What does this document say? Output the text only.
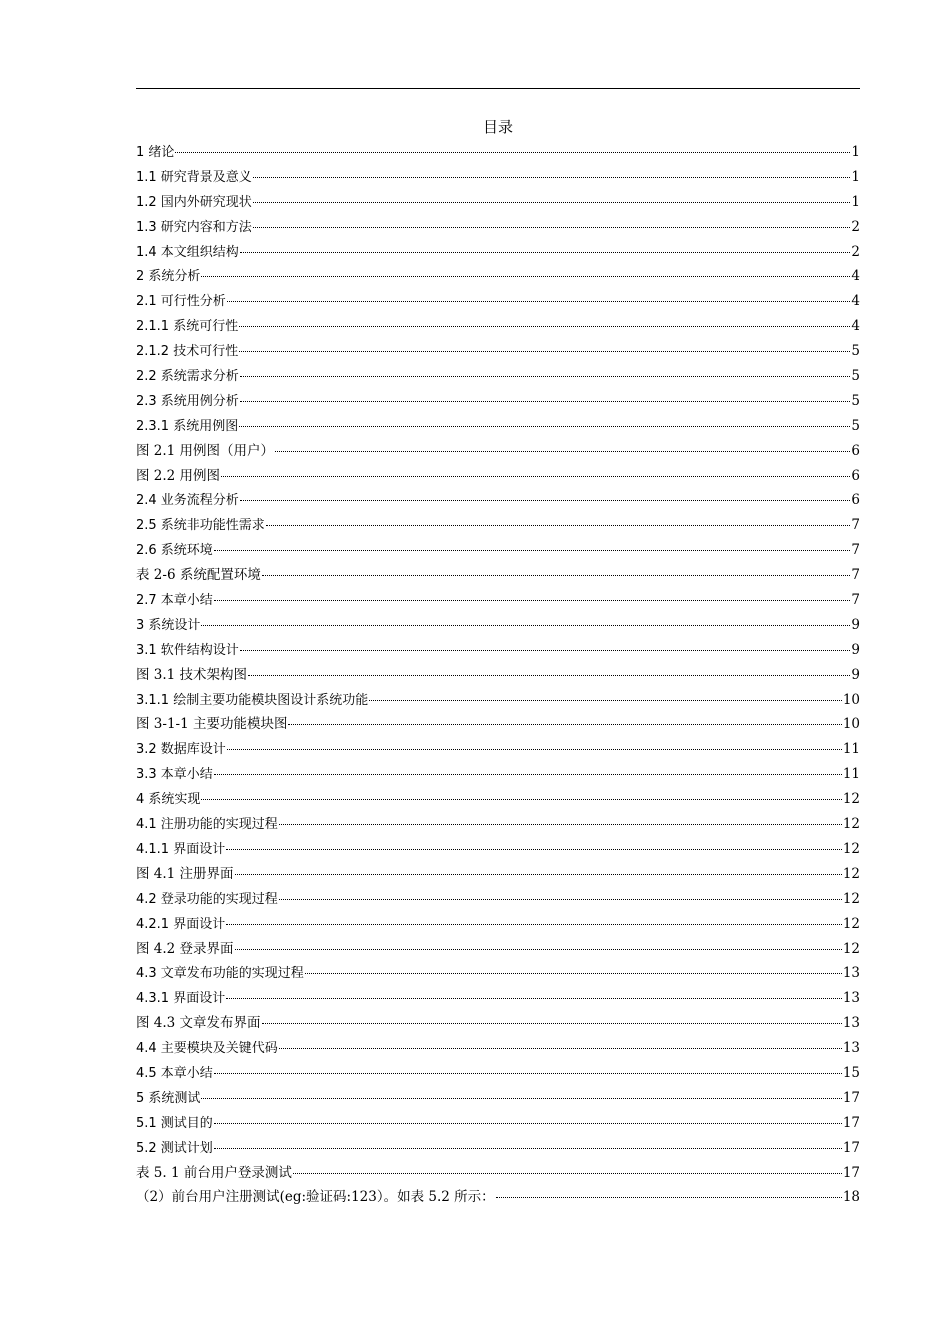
目录
1 绪论	1
1.1 研究背景及意义	1
1.2 国内外研究现状	1
1.3 研究内容和方法	2
1.4 本文组织结构	2
2 系统分析	4
2.1 可行性分析	4
2.1.1 系统可行性	4
2.1.2 技术可行性	5
2.2 系统需求分析	5
2.3 系统用例分析	5
2.3.1 系统用例图	5
图 2.1 用例图（用户）	6
图 2.2 用例图	6
2.4 业务流程分析	6
2.5 系统非功能性需求	7
2.6 系统环境	7
表 2-6 系统配置环境	7
2.7 本章小结	7
3 系统设计	9
3.1 软件结构设计	9
图 3.1 技术架构图	9
3.1.1 绘制主要功能模块图设计系统功能	10
图 3-1-1 主要功能模块图	10
3.2 数据库设计	11
3.3 本章小结	11
4 系统实现	12
4.1 注册功能的实现过程	12
4.1.1 界面设计	12
图 4.1 注册界面	12
4.2 登录功能的实现过程	12
4.2.1 界面设计	12
图 4.2 登录界面	12
4.3 文章发布功能的实现过程	13
4.3.1 界面设计	13
图 4.3 文章发布界面	13
4.4 主要模块及关键代码	13
4.5 本章小结	15
5 系统测试	17
5.1 测试目的	17
5.2 测试计划	17
表 5. 1 前台用户登录测试	17
（2）前台用户注册测试(eg:验证码:123）。如表 5.2 所示：	18
